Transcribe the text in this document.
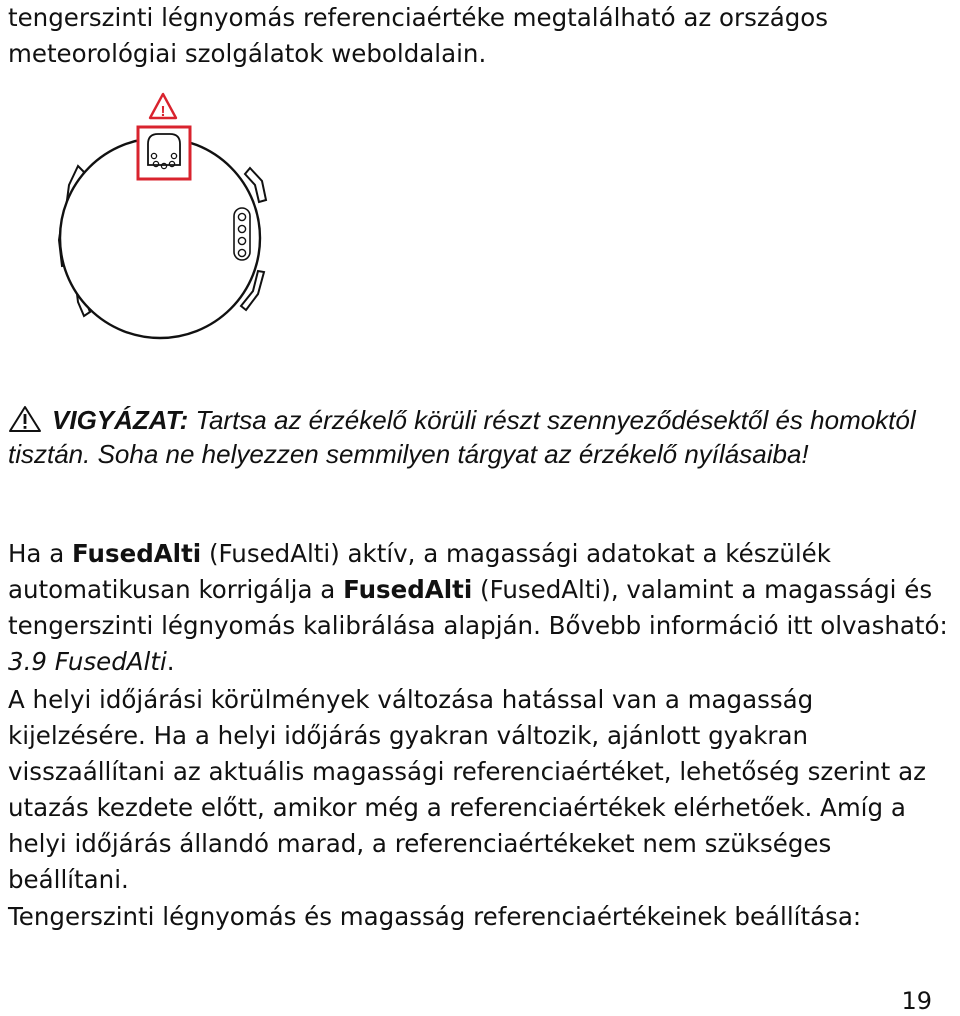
tengerszinti légnyomás referenciaértéke megtalálható az országos meteorológiai szolgálatok weboldalain.

!

VIGYÁZAT: Tartsa az érzékelő körüli részt szennyeződésektől és homoktól tisztán. Soha ne helyezzen semmilyen tárgyat az érzékelő nyílásaiba!

Ha a FusedAlti (FusedAlti) aktív, a magassági adatokat a készülék automatikusan korrigálja a FusedAlti (FusedAlti), valamint a magassági és tengerszinti légnyomás kalibrálása alapján. Bővebb információ itt olvasható: 3.9 FusedAlti.

A helyi időjárási körülmények változása hatással van a magasság kijelzésére. Ha a helyi időjárás gyakran változik, ajánlott gyakran visszaállítani az aktuális magassági referenciaértéket, lehetőség szerint az utazás kezdete előtt, amikor még a referenciaértékek elérhetőek. Amíg a helyi időjárás állandó marad, a referenciaértékeket nem szükséges beállítani.

Tengerszinti légnyomás és magasság referenciaértékeinek beállítása:

19
